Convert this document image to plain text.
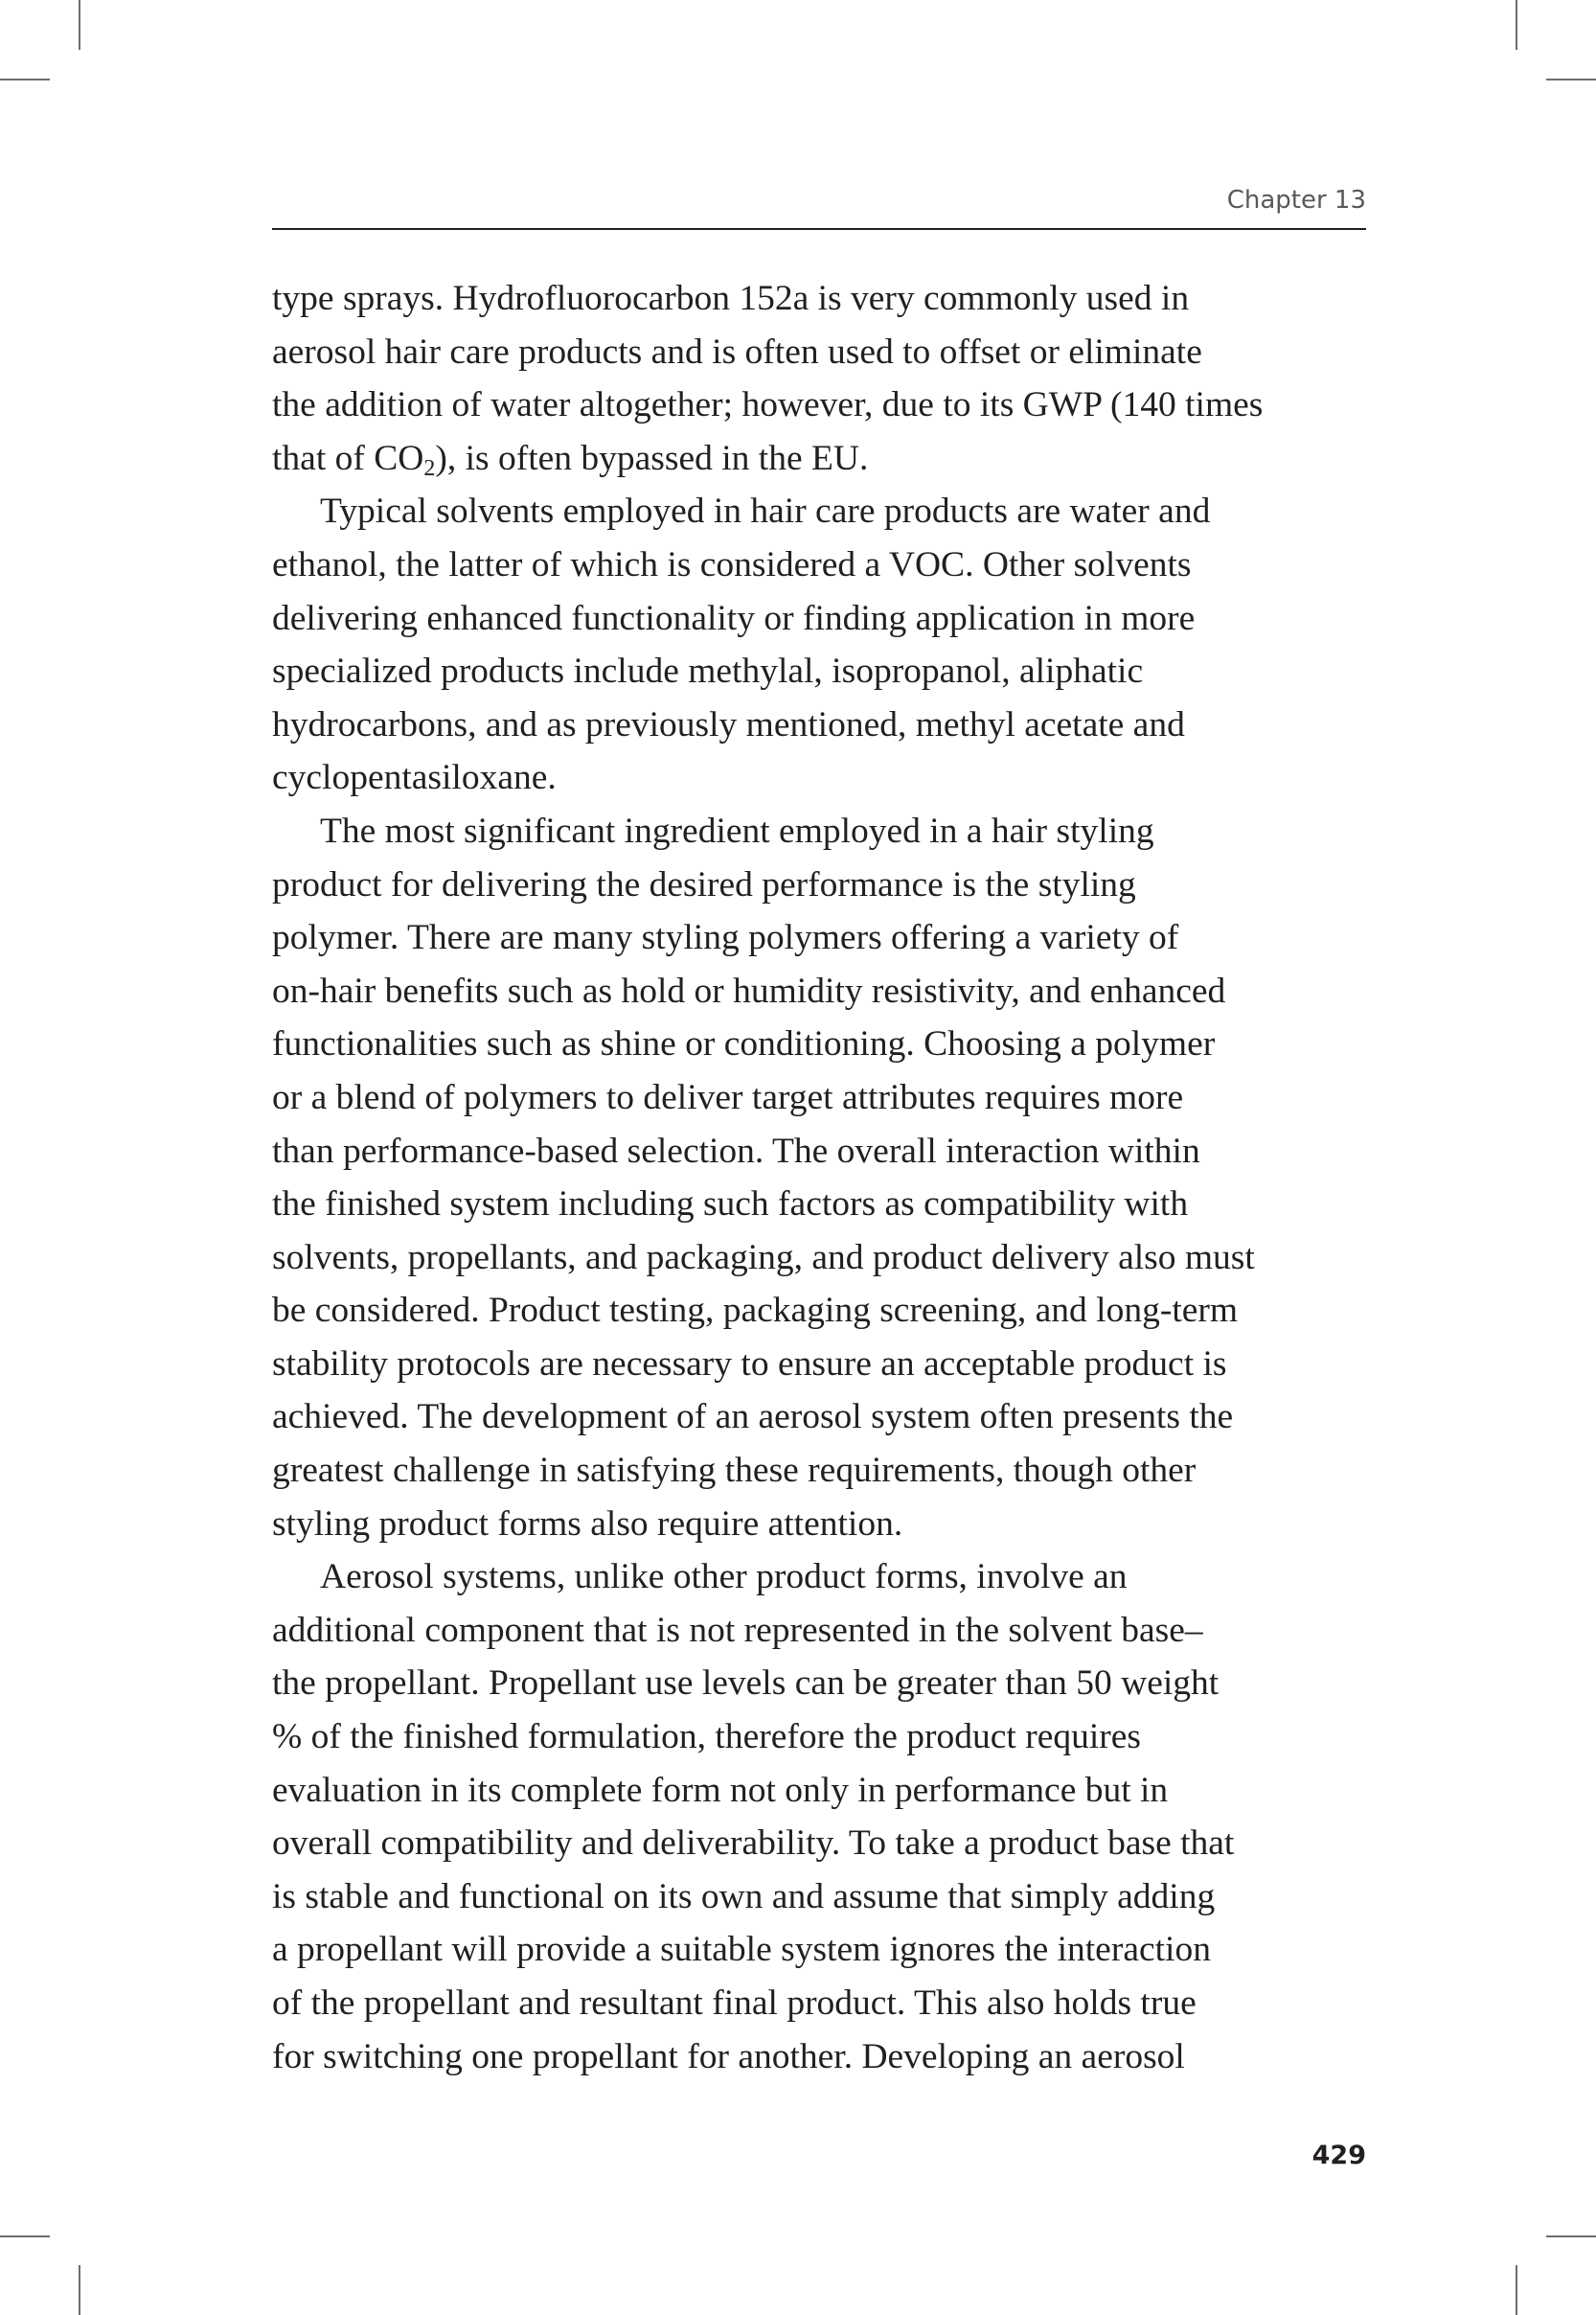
Chapter 13
type sprays. Hydrofluorocarbon 152a is very commonly used in
aerosol hair care products and is often used to offset or eliminate
the addition of water altogether; however, due to its GWP (140 times
that of $CO_2$), is often bypassed in the EU.
Typical solvents employed in hair care products are water and
ethanol, the latter of which is considered a VOC. Other solvents
delivering enhanced functionality or finding application in more
specialized products include methylal, isopropanol, aliphatic
hydrocarbons, and as previously mentioned, methyl acetate and
cyclopentasiloxane.
The most significant ingredient employed in a hair styling
product for delivering the desired performance is the styling
polymer. There are many styling polymers offering a variety of
on-hair benefits such as hold or humidity resistivity, and enhanced
functionalities such as shine or conditioning. Choosing a polymer
or a blend of polymers to deliver target attributes requires more
than performance-based selection. The overall interaction within
the finished system including such factors as compatibility with
solvents, propellants, and packaging, and product delivery also must
be considered. Product testing, packaging screening, and long-term
stability protocols are necessary to ensure an acceptable product is
achieved. The development of an aerosol system often presents the
greatest challenge in satisfying these requirements, though other
styling product forms also require attention.
Aerosol systems, unlike other product forms, involve an
additional component that is not represented in the solvent base–
the propellant. Propellant use levels can be greater than 50 weight
% of the finished formulation, therefore the product requires
evaluation in its complete form not only in performance but in
overall compatibility and deliverability. To take a product base that
is stable and functional on its own and assume that simply adding
a propellant will provide a suitable system ignores the interaction
of the propellant and resultant final product. This also holds true
for switching one propellant for another. Developing an aerosol
429
